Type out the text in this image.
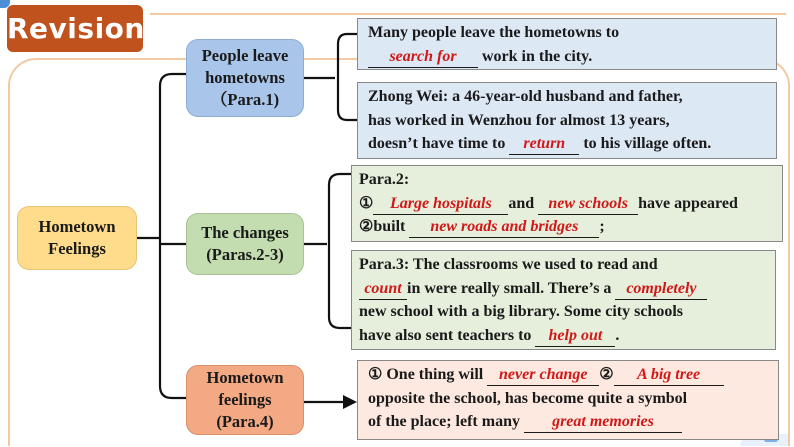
Revision
Hometown
Feelings
People leave
hometowns
（Para.1)
The changes
(Paras.2-3)
Hometown
feelings
(Para.4)
Many people leave the hometowns to
search for work in the city.
Zhong Wei: a 46-year-old husband and father,
has worked in Wenzhou for almost 13 years,
doesn’t have time to return to his village often.
Para.2:
① Large hospitals and new schools have appeared
②built new roads and bridges ;
Para.3: The classrooms we used to read and
count in were really small. There’s a completely
new school with a big library. Some city schools
have also sent teachers to help out .
① One thing will never change ② A big tree
opposite the school, has become quite a symbol
of the place; left many great memories
